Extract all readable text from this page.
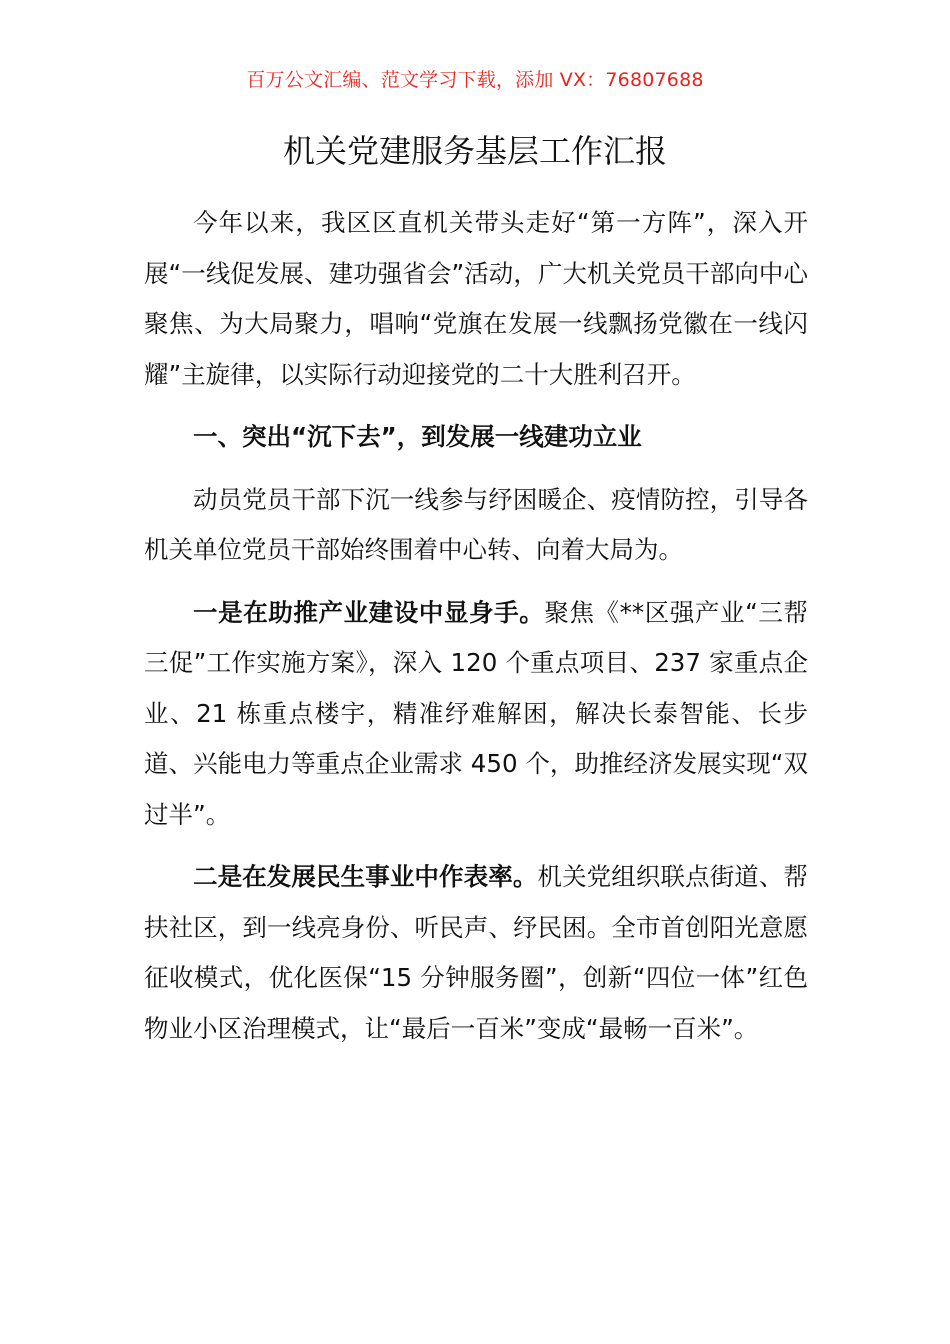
百万公文汇编、范文学习下载，添加 VX：76807688
机关党建服务基层工作汇报

今年以来，我区区直机关带头走好“第一方阵”，深入开展“一线促发展、建功强省会”活动，广大机关党员干部向中心聚焦、为大局聚力，唱响“党旗在发展一线飘扬党徽在一线闪耀”主旋律，以实际行动迎接党的二十大胜利召开。

一、突出“沉下去”，到发展一线建功立业

动员党员干部下沉一线参与纾困暖企、疫情防控，引导各机关单位党员干部始终围着中心转、向着大局为。

一是在助推产业建设中显身手。聚焦《**区强产业“三帮三促”工作实施方案》，深入 120 个重点项目、237 家重点企业、21 栋重点楼宇，精准纾难解困，解决长泰智能、长步道、兴能电力等重点企业需求 450 个，助推经济发展实现“双过半”。

二是在发展民生事业中作表率。机关党组织联点街道、帮扶社区，到一线亮身份、听民声、纾民困。全市首创阳光意愿征收模式，优化医保“15 分钟服务圈”，创新“四位一体”红色物业小区治理模式，让“最后一百米”变成“最畅一百米”。
